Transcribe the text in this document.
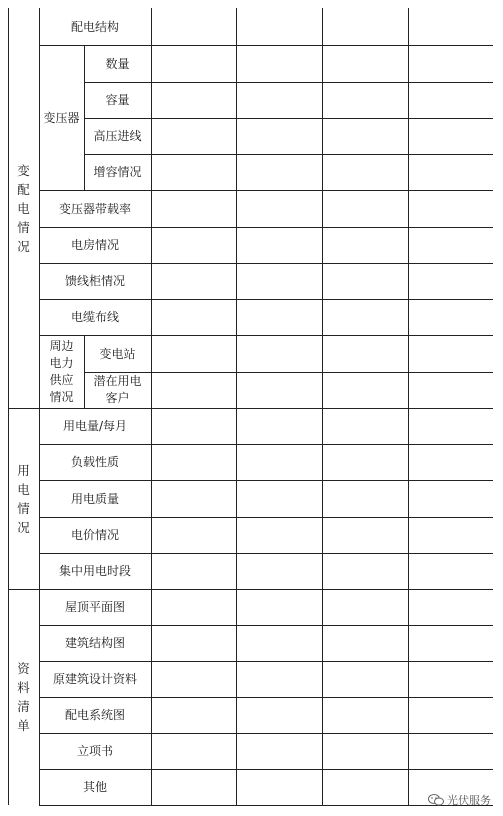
变配电情况
用电情况
资料清单
配电结构
变压器
数量
容量
高压进线
增容情况
变压器带载率
电房情况
馈线柜情况
电缆布线
周边电力供应情况
变电站
潜在用电客户
用电量/每月
负载性质
用电质量
电价情况
集中用电时段
屋顶平面图
建筑结构图
原建筑设计资料
配电系统图
立项书
其他
光伏服务
